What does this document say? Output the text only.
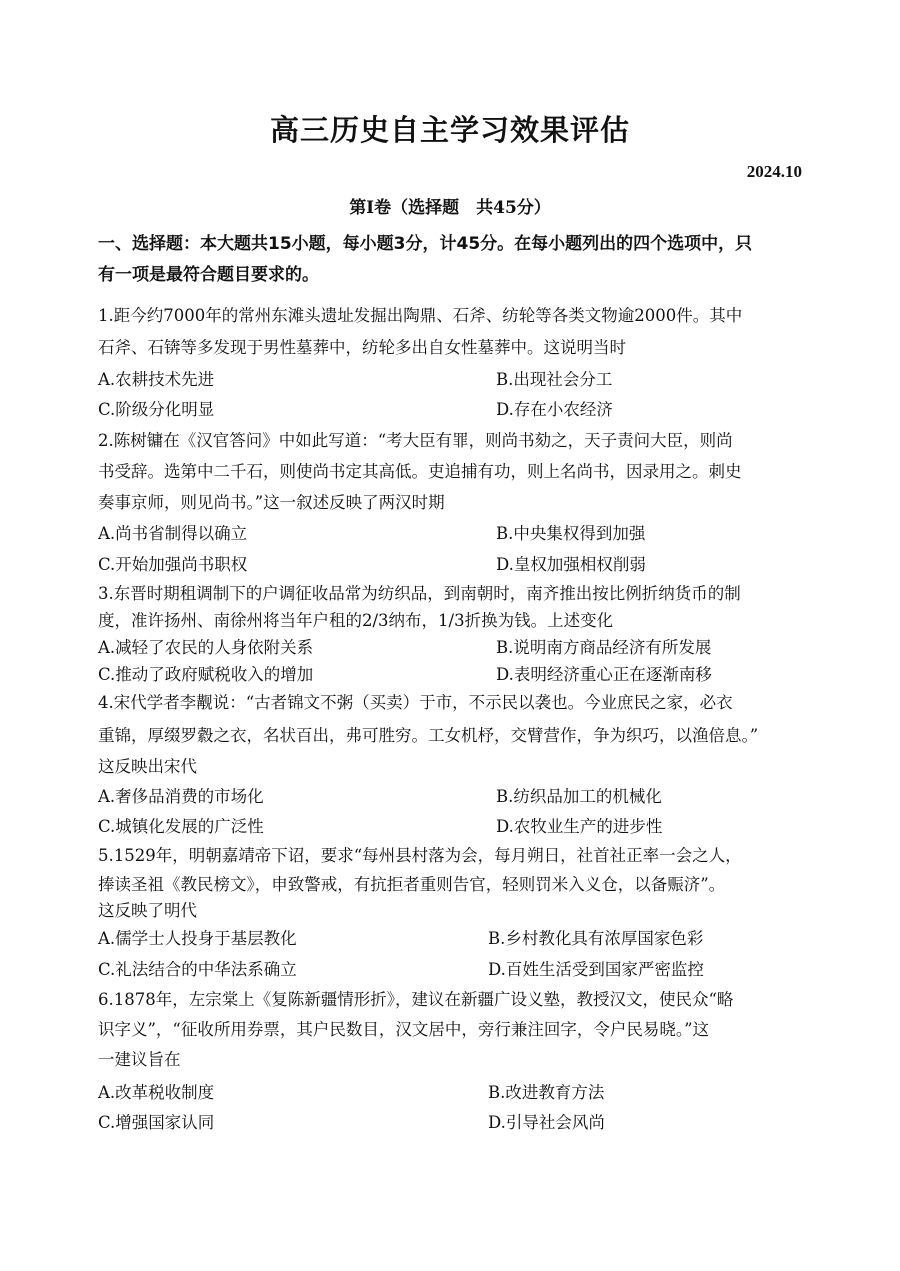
高三历史自主学习效果评估
2024.10
第Ⅰ卷（选择题　共45分）
一、选择题：本大题共15小题，每小题3分，计45分。在每小题列出的四个选项中，只
有一项是最符合题目要求的。
1.距今约7000年的常州东滩头遗址发掘出陶鼎、石斧、纺轮等各类文物逾2000件。其中
石斧、石锛等多发现于男性墓葬中，纺轮多出自女性墓葬中。这说明当时
A.农耕技术先进	B.出现社会分工
C.阶级分化明显	D.存在小农经济
2.陈树镛在《汉官答问》中如此写道：“考大臣有罪，则尚书劾之，天子责问大臣，则尚
书受辞。选第中二千石，则使尚书定其高低。吏追捕有功，则上名尚书，因录用之。刺史
奏事京师，则见尚书。”这一叙述反映了两汉时期
A.尚书省制得以确立	B.中央集权得到加强
C.开始加强尚书职权	D.皇权加强相权削弱
3.东晋时期租调制下的户调征收品常为纺织品，到南朝时，南齐推出按比例折纳货币的制
度，准许扬州、南徐州将当年户租的2/3纳布，1/3折换为钱。上述变化
A.减轻了农民的人身依附关系	B.说明南方商品经济有所发展
C.推动了政府赋税收入的增加	D.表明经济重心正在逐渐南移
4.宋代学者李觏说：“古者锦文不粥（买卖）于市，不示民以袭也。今业庶民之家，必衣
重锦，厚缀罗縠之衣，名状百出，弗可胜穷。工女机杼，交臂营作，争为织巧，以渔倍息。”
这反映出宋代
A.奢侈品消费的市场化	B.纺织品加工的机械化
C.城镇化发展的广泛性	D.农牧业生产的进步性
5.1529年，明朝嘉靖帝下诏，要求“每州县村落为会，每月朔日，社首社正率一会之人，
捧读圣祖《教民榜文》，申致警戒，有抗拒者重则告官，轻则罚米入义仓，以备赈济”。
这反映了明代
A.儒学士人投身于基层教化	B.乡村教化具有浓厚国家色彩
C.礼法结合的中华法系确立	D.百姓生活受到国家严密监控
6.1878年，左宗棠上《复陈新疆情形折》，建议在新疆广设义塾，教授汉文，使民众“略
识字义”，“征收所用券票，其户民数目，汉文居中，旁行兼注回字，令户民易晓。”这
一建议旨在
A.改革税收制度	B.改进教育方法
C.增强国家认同	D.引导社会风尚
